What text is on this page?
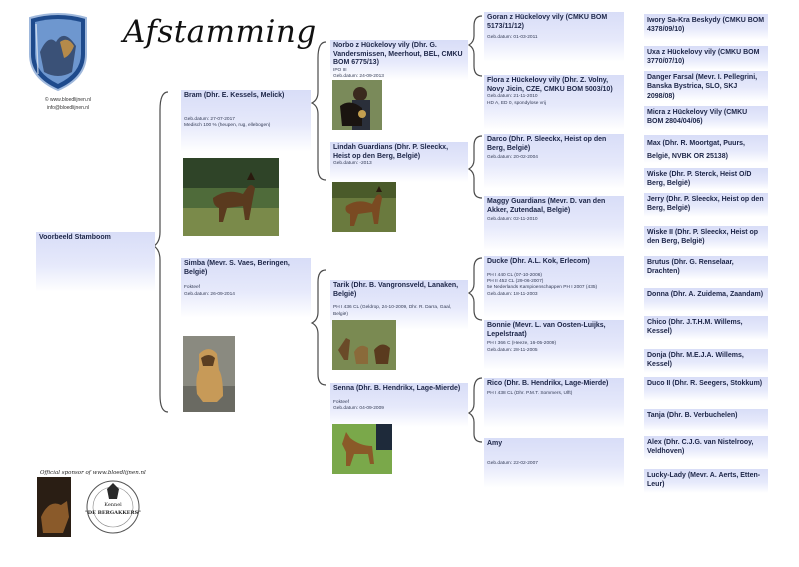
© www.bloedlijnen.nl
info@bloedlijnen.nl
Afstamming
Voorbeeld Stamboom
Bram (Dhr. E. Kessels, Melick)
Geb.datum: 27-07-2017
Medisch 100 % (heupen, rug, ellebogen)
Simba (Mevr. S. Vaes, Beringen, België)
Fokteef
Geb.datum: 26-09-2014
Norbo z Hückelovy vily (Dhr. G. Vandersmissen, Meerhout, BEL, CMKU BOM 6775/13)
IPO III
Geb.datum: 24-09-2013
Lindah Guardians (Dhr. P. Sleeckx, Heist op den Berg, België)
Geb.datum: -2013
Tarik (Dhr. B. Vangronsveld, Lanaken, België)
PH I 436 CL (Geldrop, 24-10-2009, Dhr. R. Darra, Gaal, België)
Senna (Dhr. B. Hendrikx, Lage-Mierde)
Fokteef
Geb.datum: 04-09-2009
Goran z Hückelovy vily (CMKU BOM 5173/11/12)
Geb.datum: 01-03-2011
Flora z Hückelovy vily (Dhr. Z. Volny, Novy Jicin, CZE, CMKU BOM 5003/10)
Geb.datum: 21-11-2010
HD A, ED 0, spondylose vrij
Darco (Dhr. P. Sleeckx, Heist op den Berg, België)
Geb.datum: 20-02-2004
Maggy Guardians (Mevr. D. van den Akker, Zutendaal, België)
Geb.datum: 02-11-2010
Ducke (Dhr. A.L. Kok, Erlecom)
PH I 440 CL (07-10-2006)
PH II 452 CL (29-06-2007)
5e Nederlands Kampioenschappen PH I 2007 (435)
Geb.datum: 18-11-2003
Bonnie (Mevr. L. van Oosten-Luijks, Lepelstraat)
PH I 366 C (Heeze, 16-05-2009)
Geb.datum: 28-11-2005
Rico (Dhr. B. Hendrikx, Lage-Mierde)
PH I 438 CL (Dhr. P.M.T. Sommers, Ulft)
Amy
Geb.datum: 22-02-2007
Iwory Sa-Kra Beskydy (CMKU BOM 4378/09/10)
Uxa z Hückelovy vily (CMKU BOM 3770/07/10)
Danger Farsal (Mevr. I. Pellegrini, Banska Bystrica, SLO, SKJ 2098/08)
Micra z Hückelovy Vily (CMKU BOM 2804/04/06)
Max (Dhr. R. Moortgat, Puurs, België, NVBK OR 25138)
Wiske (Dhr. P. Sterck, Heist O/D Berg, België)
Jerry (Dhr. P. Sleeckx, Heist op den Berg, België)
Wiske II (Dhr. P. Sleeckx, Heist op den Berg, België)
Brutus (Dhr. G. Renselaar, Drachten)
Donna (Dhr. A. Zuidema, Zaandam)
Chico (Dhr. J.T.H.M. Willems, Kessel)
Donja (Dhr. M.E.J.A. Willems, Kessel)
Duco II (Dhr. R. Seegers, Stokkum)
Tanja (Dhr. B. Verbuchelen)
Alex (Dhr. C.J.G. van Nistelrooy, Veldhoven)
Lucky-Lady (Mevr. A. Aerts, Etten-Leur)
Official sponsor of www.bloedlijnen.nl
Kennel
"DE BERGAKKERS"
